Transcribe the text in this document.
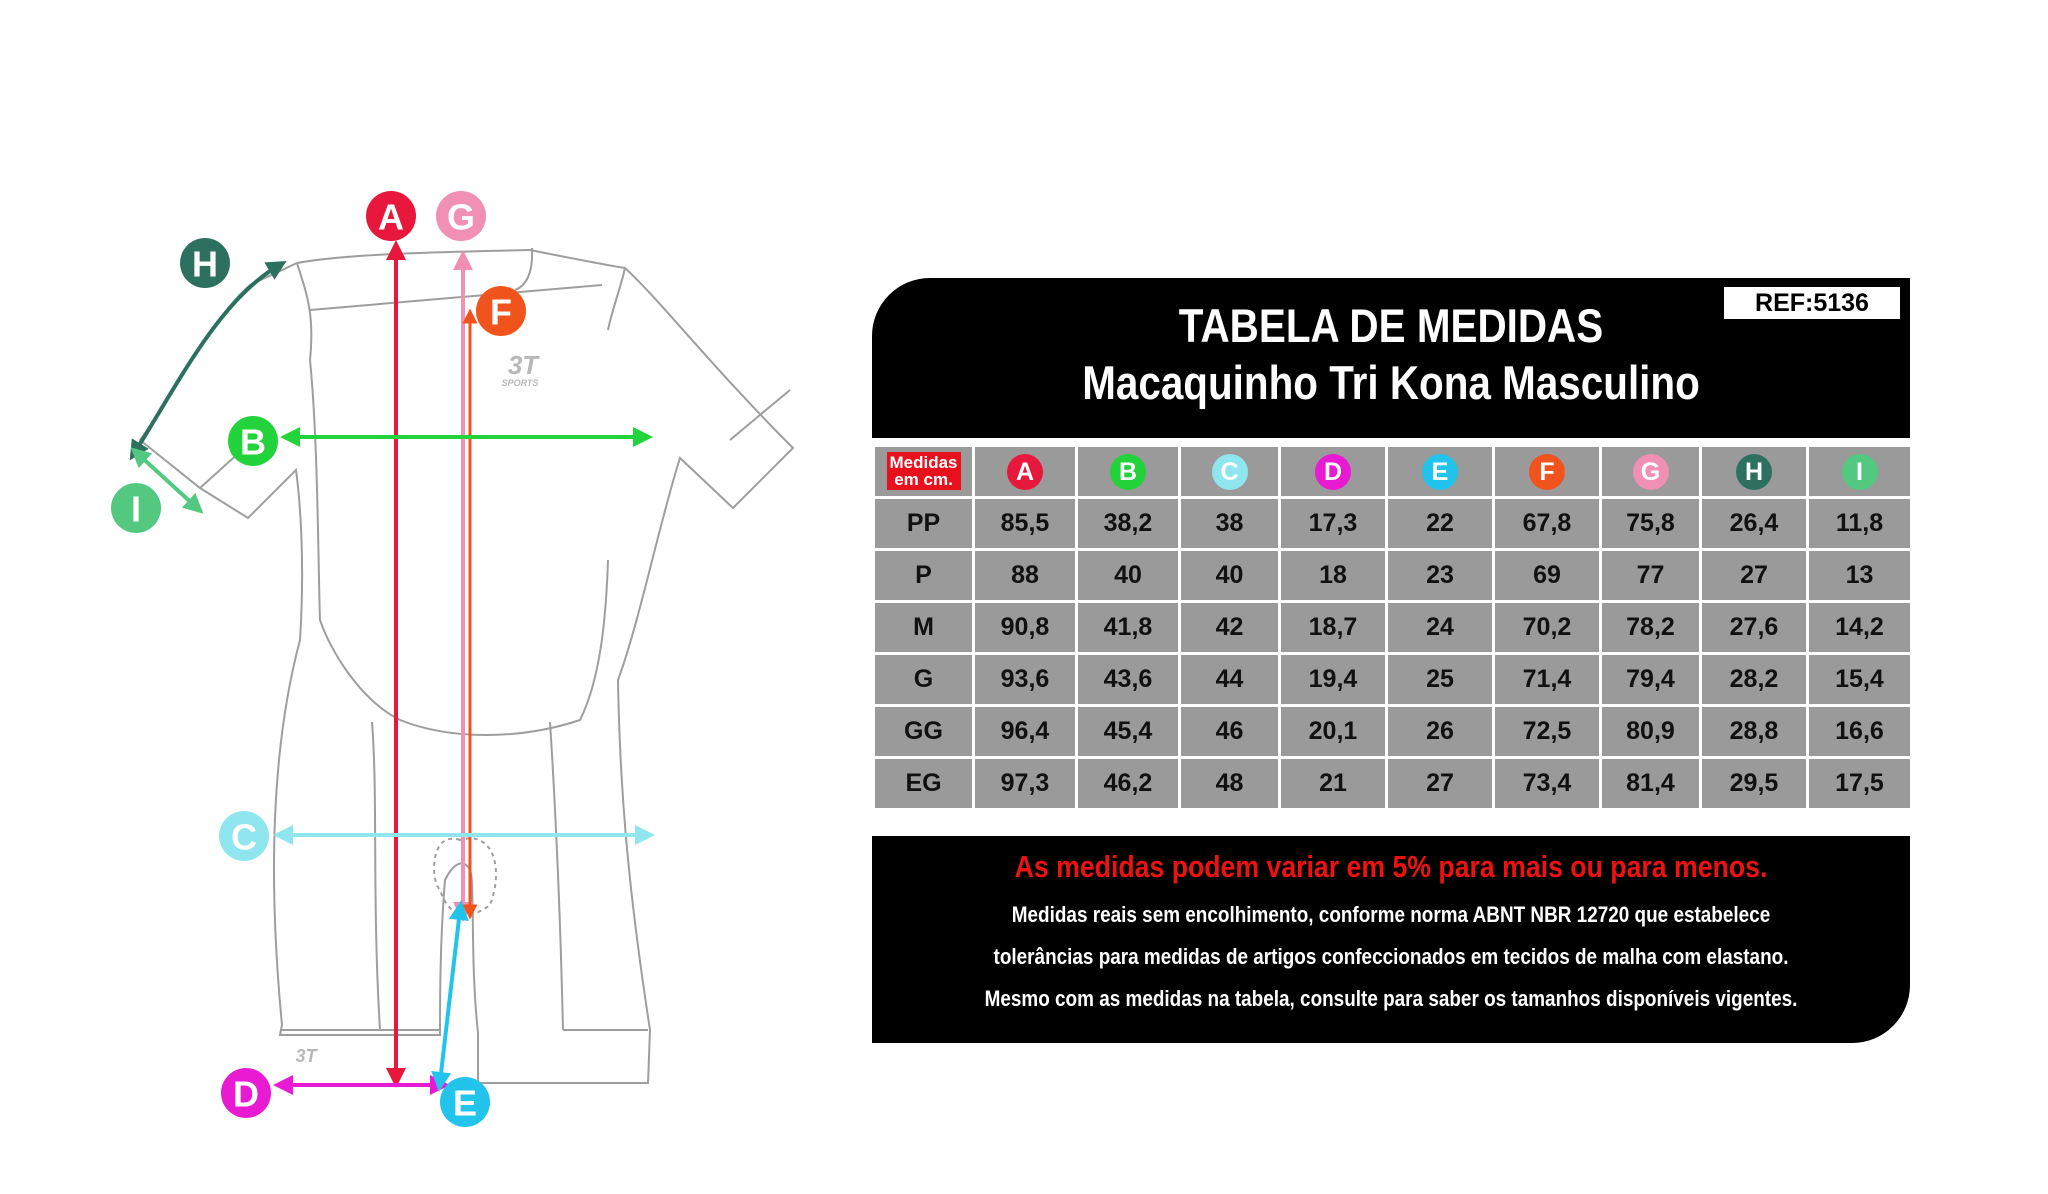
3T
SPORTS
3T
A G
F
H
B
I
C
D	E
REF:5136
TABELA DE MEDIDAS
Macaquinho Tri Kona Masculino
Medidas
em cm.	A	B	C	D	E	F	G	H	I
PP	85,5	38,2	38	17,3	22	67,8	75,8	26,4	11,8
P	88	40	40	18	23	69	77	27	13
M	90,8	41,8	42	18,7	24	70,2	78,2	27,6	14,2
G	93,6	43,6	44	19,4	25	71,4	79,4	28,2	15,4
GG	96,4	45,4	46	20,1	26	72,5	80,9	28,8	16,6
EG	97,3	46,2	48	21	27	73,4	81,4	29,5	17,5
As medidas podem variar em 5% para mais ou para menos.
Medidas reais sem encolhimento, conforme norma ABNT NBR 12720 que estabelece
tolerâncias para medidas de artigos confeccionados em tecidos de malha com elastano.
Mesmo com as medidas na tabela, consulte para saber os tamanhos disponíveis vigentes.
